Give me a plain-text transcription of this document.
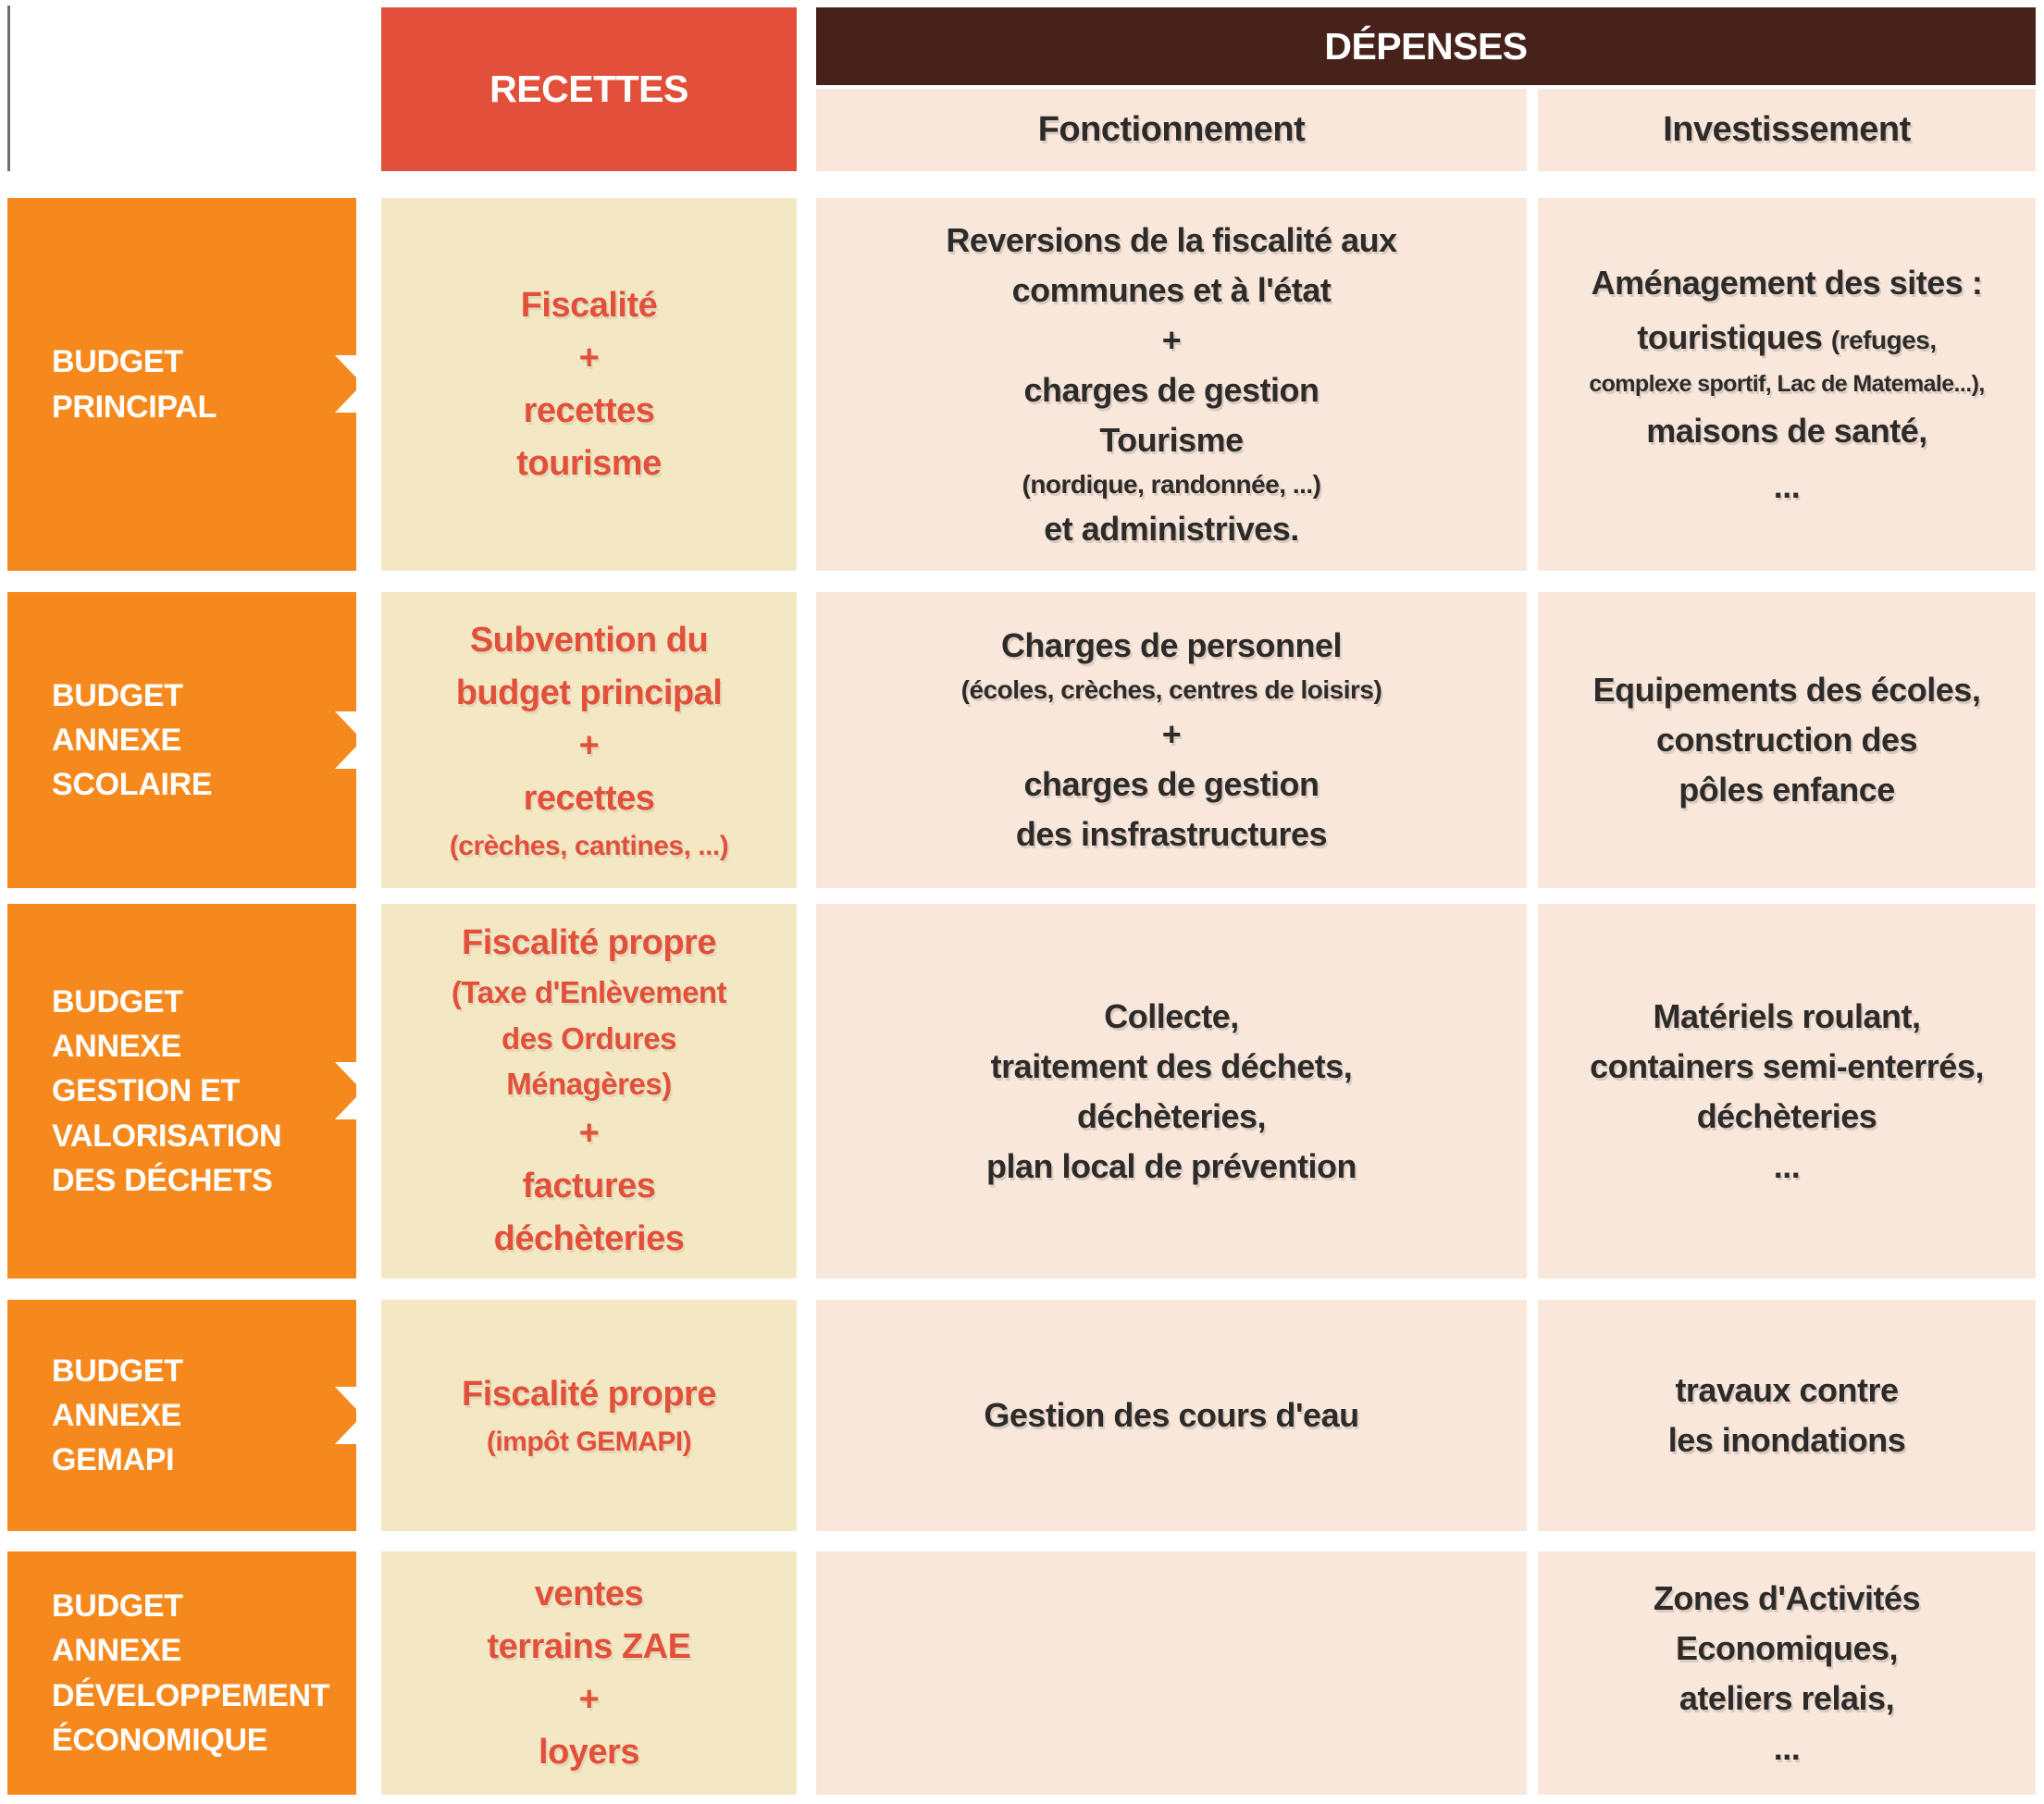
RECETTES
DÉPENSES
Fonctionnement	Investissement
BUDGET
PRINCIPAL
Fiscalité
+
recettes
tourisme
Reversions de la fiscalité aux
communes et à l'état
+
charges de gestion
Tourisme
(nordique, randonnée, ...)
et administrives.
Aménagement des sites :
touristiques (refuges,
complexe sportif, Lac de Matemale...),
maisons de santé,
...
BUDGET
ANNEXE
SCOLAIRE
Subvention du
budget principal
+
recettes
(crèches, cantines, ...)
Charges de personnel
(écoles, crèches, centres de loisirs)
+
charges de gestion
des insfrastructures
Equipements des écoles,
construction des
pôles enfance
BUDGET
ANNEXE
GESTION ET
VALORISATION
DES DÉCHETS
Fiscalité propre
(Taxe d'Enlèvement
des Ordures
Ménagères)
+
factures
déchèteries
Collecte,
traitement des déchets,
déchèteries,
plan local de prévention
Matériels roulant,
containers semi-enterrés,
déchèteries
...
BUDGET
ANNEXE
GEMAPI
Fiscalité propre
(impôt GEMAPI)
Gestion des cours d'eau
travaux contre
les inondations
BUDGET
ANNEXE
DÉVELOPPEMENT
ÉCONOMIQUE
ventes
terrains ZAE
+
loyers
Zones d'Activités
Economiques,
ateliers relais,
...
